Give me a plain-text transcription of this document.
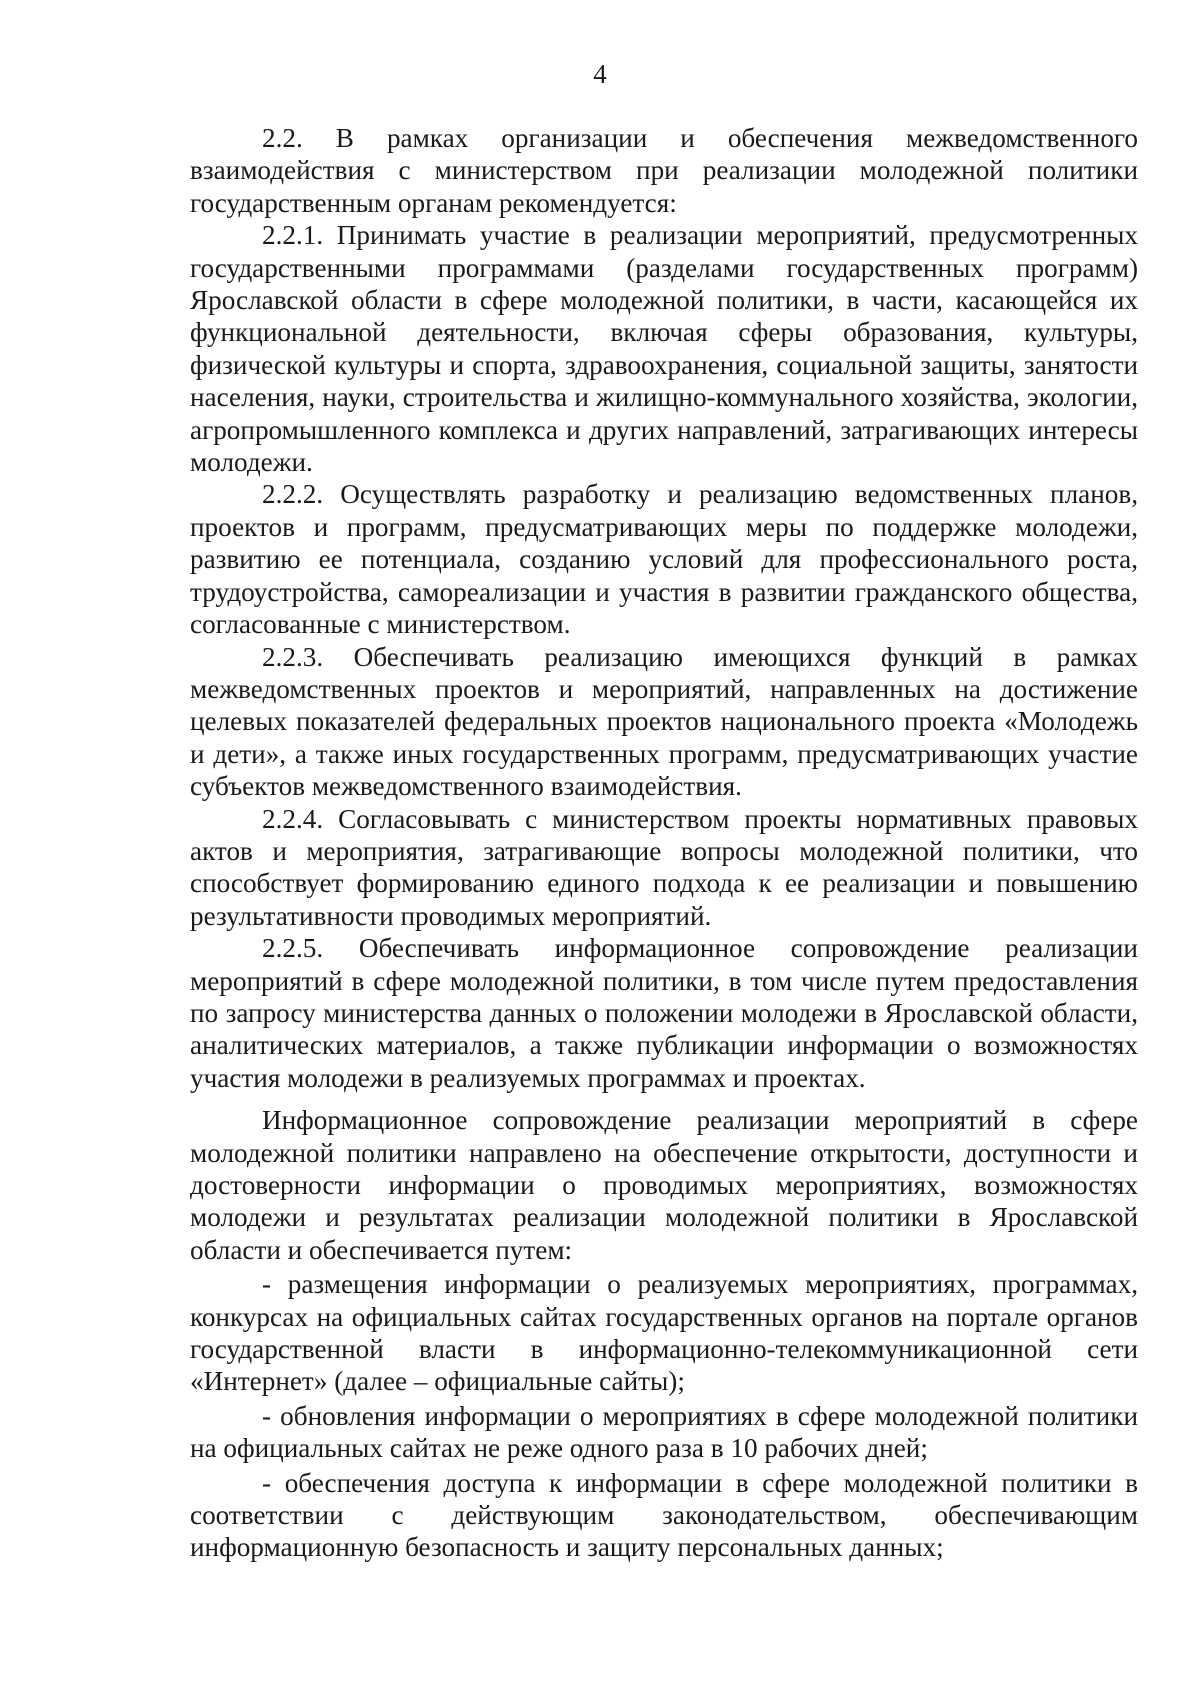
4

2.2. В рамках организации и обеспечения межведомственного взаимодействия с министерством при реализации молодежной политики государственным органам рекомендуется:

2.2.1. Принимать участие в реализации мероприятий, предусмотренных государственными программами (разделами государственных программ) Ярославской области в сфере молодежной политики, в части, касающейся их функциональной деятельности, включая сферы образования, культуры, физической культуры и спорта, здравоохранения, социальной защиты, занятости населения, науки, строительства и жилищно-коммунального хозяйства, экологии, агропромышленного комплекса и других направлений, затрагивающих интересы молодежи.

2.2.2. Осуществлять разработку и реализацию ведомственных планов, проектов и программ, предусматривающих меры по поддержке молодежи, развитию ее потенциала, созданию условий для профессионального роста, трудоустройства, самореализации и участия в развитии гражданского общества, согласованные с министерством.

2.2.3. Обеспечивать реализацию имеющихся функций в рамках межведомственных проектов и мероприятий, направленных на достижение целевых показателей федеральных проектов национального проекта «Молодежь и дети», а также иных государственных программ, предусматривающих участие субъектов межведомственного взаимодействия.

2.2.4. Согласовывать с министерством проекты нормативных правовых актов и мероприятия, затрагивающие вопросы молодежной политики, что способствует формированию единого подхода к ее реализации и повышению результативности проводимых мероприятий.

2.2.5. Обеспечивать информационное сопровождение реализации мероприятий в сфере молодежной политики, в том числе путем предоставления по запросу министерства данных о положении молодежи в Ярославской области, аналитических материалов, а также публикации информации о возможностях участия молодежи в реализуемых программах и проектах.

Информационное сопровождение реализации мероприятий в сфере молодежной политики направлено на обеспечение открытости, доступности и достоверности информации о проводимых мероприятиях, возможностях молодежи и результатах реализации молодежной политики в Ярославской области и обеспечивается путем:

- размещения информации о реализуемых мероприятиях, программах, конкурсах на официальных сайтах государственных органов на портале органов государственной власти в информационно-телекоммуникационной сети «Интернет» (далее – официальные сайты);

- обновления информации о мероприятиях в сфере молодежной политики на официальных сайтах не реже одного раза в 10 рабочих дней;

- обеспечения доступа к информации в сфере молодежной политики в соответствии с действующим законодательством, обеспечивающим информационную безопасность и защиту персональных данных;
